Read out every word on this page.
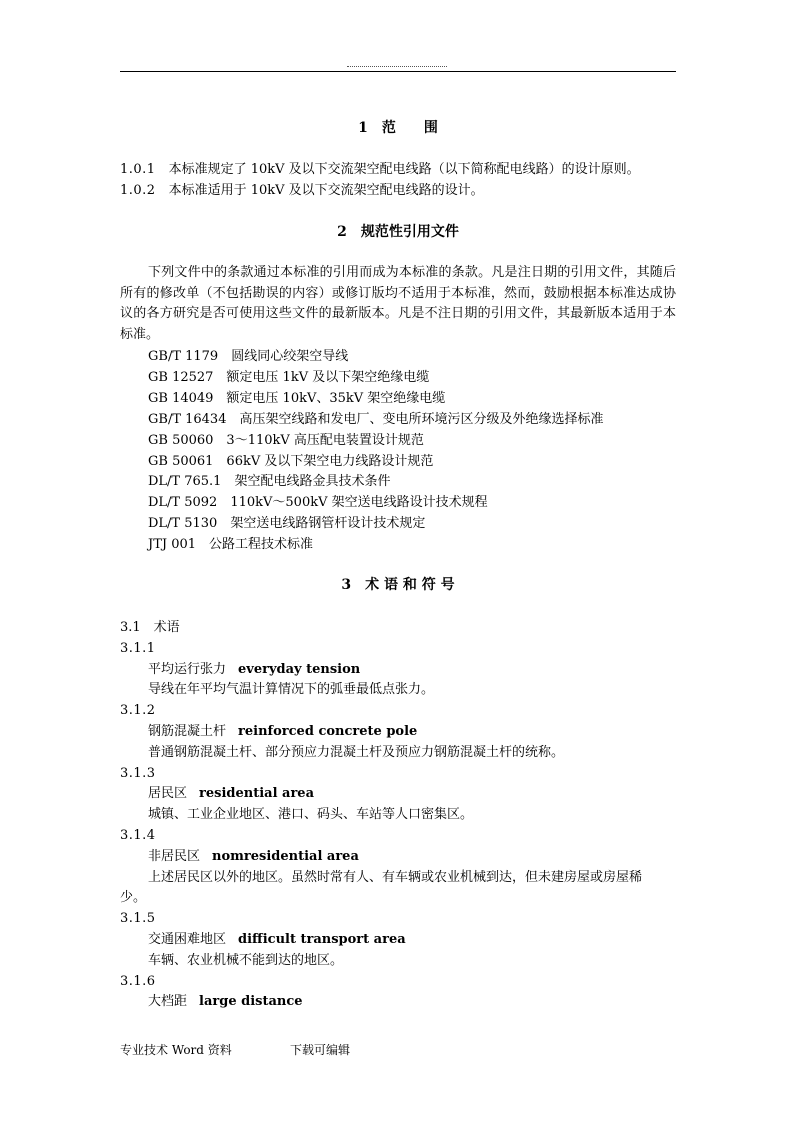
1　范　　围
1.0.1　 本标准规定了 10kV 及以下交流架空配电线路（以下简称配电线路）的设计原则。
1.0.2　 本标准适用于 10kV 及以下交流架空配电线路的设计。
2　规范性引用文件
下列文件中的条款通过本标准的引用而成为本标准的条款。凡是注日期的引用文件，其随后所有的修改单（不包括勘误的内容）或修订版均不适用于本标准，然而，鼓励根据本标准达成协议的各方研究是否可使用这些文件的最新版本。凡是不注日期的引用文件，其最新版本适用于本标准。
GB/T 1179　圆线同心绞架空导线
GB 12527　额定电压 1kV 及以下架空绝缘电缆
GB 14049　额定电压 10kV、35kV 架空绝缘电缆
GB/T 16434　高压架空线路和发电厂、变电所环境污区分级及外绝缘选择标准
GB 50060　3～110kV 高压配电装置设计规范
GB 50061　66kV 及以下架空电力线路设计规范
DL/T 765.1　架空配电线路金具技术条件
DL/T 5092　110kV～500kV 架空送电线路设计技术规程
DL/T 5130　架空送电线路钢管杆设计技术规定
JTJ 001　公路工程技术标准
3　术 语 和 符 号
3.1　术语
3.1.1
平均运行张力 everyday tension
导线在年平均气温计算情况下的弧垂最低点张力。
3.1.2
钢筋混凝土杆 reinforced concrete pole
普通钢筋混凝土杆、部分预应力混凝土杆及预应力钢筋混凝土杆的统称。
3.1.3
居民区 residential area
城镇、工业企业地区、港口、码头、车站等人口密集区。
3.1.4
非居民区 nomresidential area
上述居民区以外的地区。虽然时常有人、有车辆或农业机械到达，但未建房屋或房屋稀
少。
3.1.5
交通困难地区 difficult transport area
车辆、农业机械不能到达的地区。
3.1.6
大档距 large distance
专业技术 Word 资料	下载可编辑
